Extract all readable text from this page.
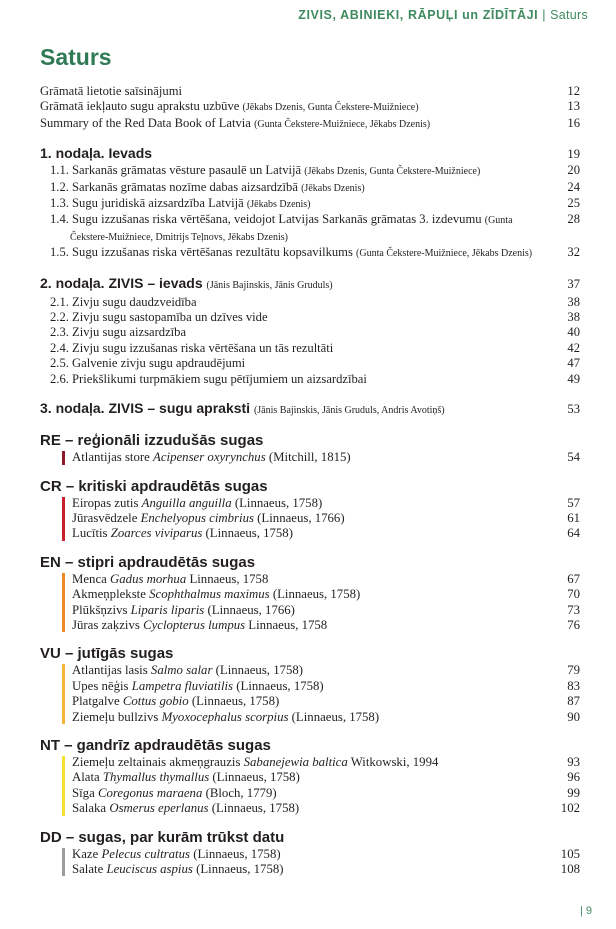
ZIVIS, ABINIEKI, RĀPUĻI un ZĪDĪTĀJI | Saturs
Saturs
Grāmatā lietotie saīsinājumi	12
Grāmatā iekļauto sugu aprakstu uzbūve (Jēkabs Dzenis, Gunta Čekstere-Muižniece)	13
Summary of the Red Data Book of Latvia (Gunta Čekstere-Muižniece, Jēkabs Dzenis)	16
1. nodaļa. Ievads	19
1.1. Sarkanās grāmatas vēsture pasaulē un Latvijā (Jēkabs Dzenis, Gunta Čekstere-Muižniece)	20
1.2. Sarkanās grāmatas nozīme dabas aizsardzībā (Jēkabs Dzenis)	24
1.3. Sugu juridiskā aizsardzība Latvijā (Jēkabs Dzenis)	25
1.4. Sugu izzušanas riska vērtēšana, veidojot Latvijas Sarkanās grāmatas 3. izdevumu (Gunta Čekstere-Muižniece, Dmitrijs Teļnovs, Jēkabs Dzenis)
28
1.5. Sugu izzušanas riska vērtēšanas rezultātu kopsavilkums (Gunta Čekstere-Muižniece, Jēkabs Dzenis)	32
2. nodaļa. ZIVIS – ievads (Jānis Bajinskis, Jānis Gruduls)	37
2.1. Zivju sugu daudzveidība	38
2.2. Zivju sugu sastopamība un dzīves vide	38
2.3. Zivju sugu aizsardzība	40
2.4. Zivju sugu izzušanas riska vērtēšana un tās rezultāti	42
2.5. Galvenie zivju sugu apdraudējumi	47
2.6. Priekšlikumi turpmākiem sugu pētījumiem un aizsardzībai	49
3. nodaļa. ZIVIS – sugu apraksti (Jānis Bajinskis, Jānis Gruduls, Andris Avotiņš)	53
RE – reģionāli izzudušās sugas
Atlantijas store Acipenser oxyrynchus (Mitchill, 1815)	54
CR – kritiski apdraudētās sugas
Eiropas zutis Anguilla anguilla (Linnaeus, 1758)	57
Jūrasvēdzele Enchelyopus cimbrius (Linnaeus, 1766)	61
Lucītis Zoarces viviparus (Linnaeus, 1758)	64
EN – stipri apdraudētās sugas
Menca Gadus morhua Linnaeus, 1758	67
Akmeņplekste Scophthalmus maximus (Linnaeus, 1758)	70
Plūkšņzivs Liparis liparis (Linnaeus, 1766)	73
Jūras zaķzivs Cyclopterus lumpus Linnaeus, 1758	76
VU – jutīgās sugas
Atlantijas lasis Salmo salar (Linnaeus, 1758)	79
Upes nēģis Lampetra fluviatilis (Linnaeus, 1758)	83
Platgalve Cottus gobio (Linnaeus, 1758)	87
Ziemeļu bullzivs Myoxocephalus scorpius (Linnaeus, 1758)	90
NT – gandrīz apdraudētās sugas
Ziemeļu zeltainais akmeņgrauzis Sabanejewia baltica Witkowski, 1994	93
Alata Thymallus thymallus (Linnaeus, 1758)	96
Sīga Coregonus maraena (Bloch, 1779)	99
Salaka Osmerus eperlanus (Linnaeus, 1758)	102
DD – sugas, par kurām trūkst datu
Kaze Pelecus cultratus (Linnaeus, 1758)	105
Salate Leuciscus aspius (Linnaeus, 1758)	108
| 9
